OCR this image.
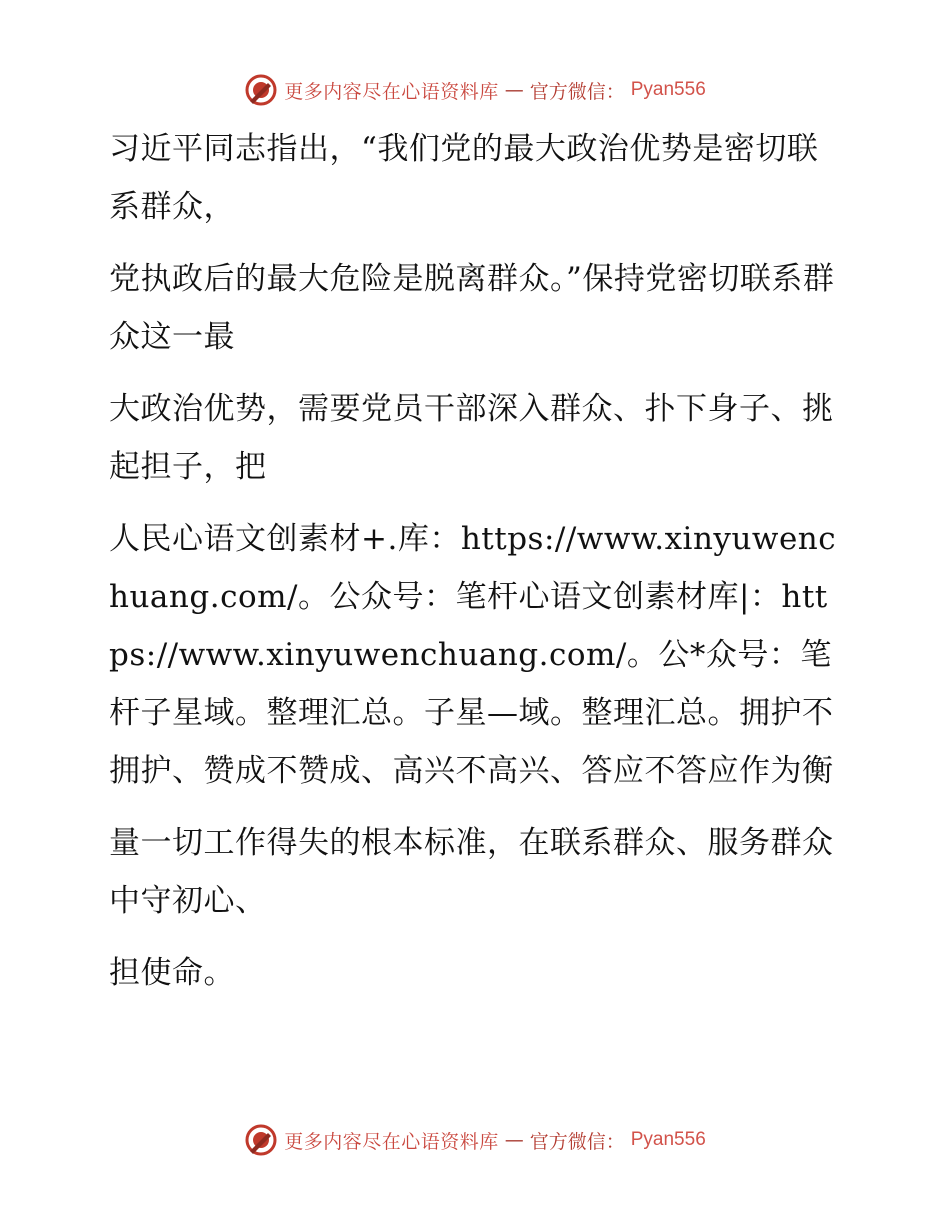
更多内容尽在心语资料库 — 官方微信： Pyan556

习近平同志指出，“我们党的最大政治优势是密切联系群众，

党执政后的最大危险是脱离群众。”保持党密切联系群众这一最

大政治优势，需要党员干部深入群众、扑下身子、挑起担子，把

人民心语文创素材+.库：https://www.xinyuwenchuang.com/。公众号：笔杆心语文创素材库|：https://www.xinyuwenchuang.com/。公*众号：笔杆子星域。整理汇总。子星—域。整理汇总。拥护不拥护、赞成不赞成、高兴不高兴、答应不答应作为衡

量一切工作得失的根本标准，在联系群众、服务群众中守初心、

担使命。

更多内容尽在心语资料库 — 官方微信： Pyan556
